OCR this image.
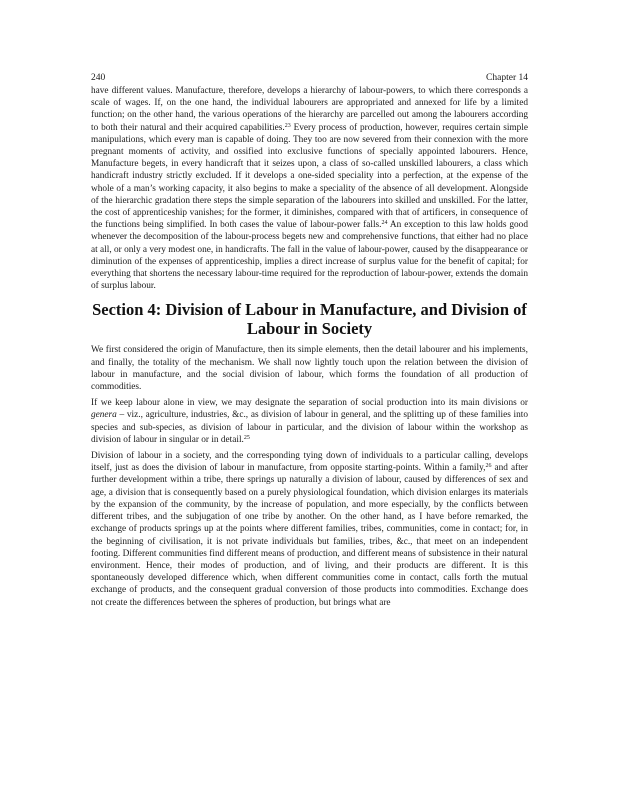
240	Chapter 14

have different values. Manufacture, therefore, develops a hierarchy of labour-powers, to which there corresponds a scale of wages. If, on the one hand, the individual labourers are appropriated and annexed for life by a limited function; on the other hand, the various operations of the hierarchy are parcelled out among the labourers according to both their natural and their acquired capabilities.$^{23}$ Every process of production, however, requires certain simple manipulations, which every man is capable of doing. They too are now severed from their connexion with the more pregnant moments of activity, and ossified into exclusive functions of specially appointed labourers. Hence, Manufacture begets, in every handicraft that it seizes upon, a class of so-called unskilled labourers, a class which handicraft industry strictly excluded. If it develops a one-sided speciality into a perfection, at the expense of the whole of a man’s working capacity, it also begins to make a speciality of the absence of all development. Alongside of the hierarchic gradation there steps the simple separation of the labourers into skilled and unskilled. For the latter, the cost of apprenticeship vanishes; for the former, it diminishes, compared with that of artificers, in consequence of the functions being simplified. In both cases the value of labour-power falls.$^{24}$ An exception to this law holds good whenever the decomposition of the labour-process begets new and comprehensive functions, that either had no place at all, or only a very modest one, in handicrafts. The fall in the value of labour-power, caused by the disappearance or diminution of the expenses of apprenticeship, implies a direct increase of surplus value for the benefit of capital; for everything that shortens the necessary labour-time required for the reproduction of labour-power, extends the domain of surplus labour.

Section 4: Division of Labour in Manufacture, and Division of Labour in Society

We first considered the origin of Manufacture, then its simple elements, then the detail labourer and his implements, and finally, the totality of the mechanism. We shall now lightly touch upon the relation between the division of labour in manufacture, and the social division of labour, which forms the foundation of all production of commodities.

If we keep labour alone in view, we may designate the separation of social production into its main divisions or genera – viz., agriculture, industries, &c., as division of labour in general, and the splitting up of these families into species and sub-species, as division of labour in particular, and the division of labour within the workshop as division of labour in singular or in detail.$^{25}$

Division of labour in a society, and the corresponding tying down of individuals to a particular calling, develops itself, just as does the division of labour in manufacture, from opposite starting-points. Within a family,$^{26}$ and after further development within a tribe, there springs up naturally a division of labour, caused by differences of sex and age, a division that is consequently based on a purely physiological foundation, which division enlarges its materials by the expansion of the community, by the increase of population, and more especially, by the conflicts between different tribes, and the subjugation of one tribe by another. On the other hand, as I have before remarked, the exchange of products springs up at the points where different families, tribes, communities, come in contact; for, in the beginning of civilisation, it is not private individuals but families, tribes, &c., that meet on an independent footing. Different communities find different means of production, and different means of subsistence in their natural environment. Hence, their modes of production, and of living, and their products are different. It is this spontaneously developed difference which, when different communities come in contact, calls forth the mutual exchange of products, and the consequent gradual conversion of those products into commodities. Exchange does not create the differences between the spheres of production, but brings what are
